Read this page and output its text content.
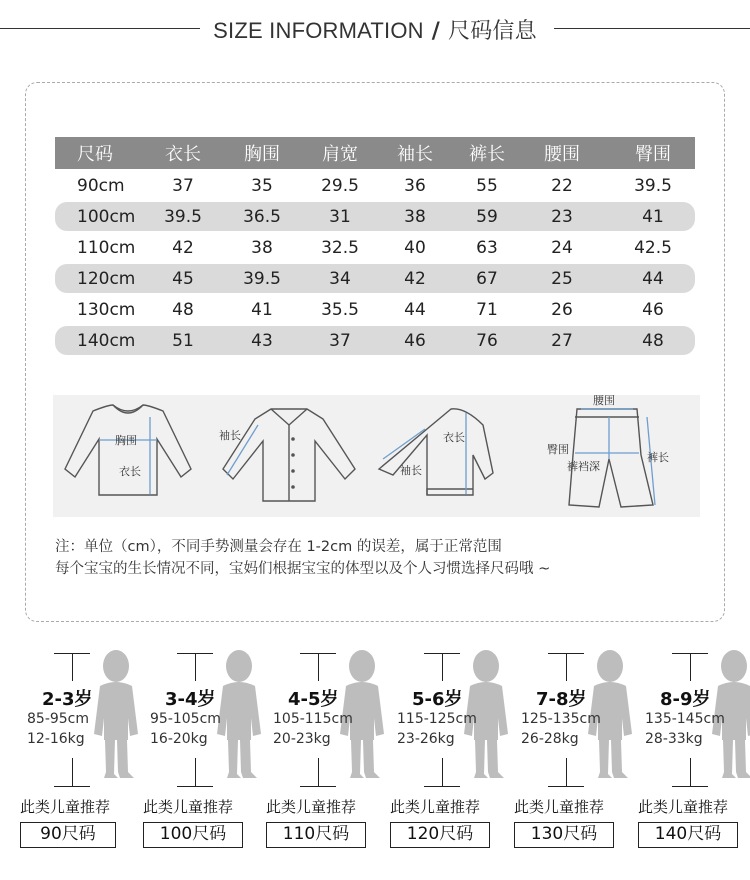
SIZE INFORMATION / 尺码信息
尺码	衣长	胸围	肩宽	袖长	裤长	腰围	臀围
90cm	37	35	29.5	36	55	22	39.5
100cm	39.5	36.5	31	38	59	23	41
110cm	42	38	32.5	40	63	24	42.5
120cm	45	39.5	34	42	67	25	44
130cm	48	41	35.5	44	71	26	46
140cm	51	43	37	46	76	27	48
胸围
衣长
袖长	衣长
袖长
腰围
臀围
裤裆深
裤长
注：单位（cm），不同手势测量会存在 1-2cm 的误差，属于正常范围
每个宝宝的生长情况不同，宝妈们根据宝宝的体型以及个人习惯选择尺码哦 ~
2-3岁
85-95cm
12-16kg
此类儿童推荐
90尺码
3-4岁
95-105cm
16-20kg
此类儿童推荐
100尺码
4-5岁
105-115cm
20-23kg
此类儿童推荐
110尺码
5-6岁
115-125cm
23-26kg
此类儿童推荐
120尺码
7-8岁
125-135cm
26-28kg
此类儿童推荐
130尺码
8-9岁
135-145cm
28-33kg
此类儿童推荐
140尺码
